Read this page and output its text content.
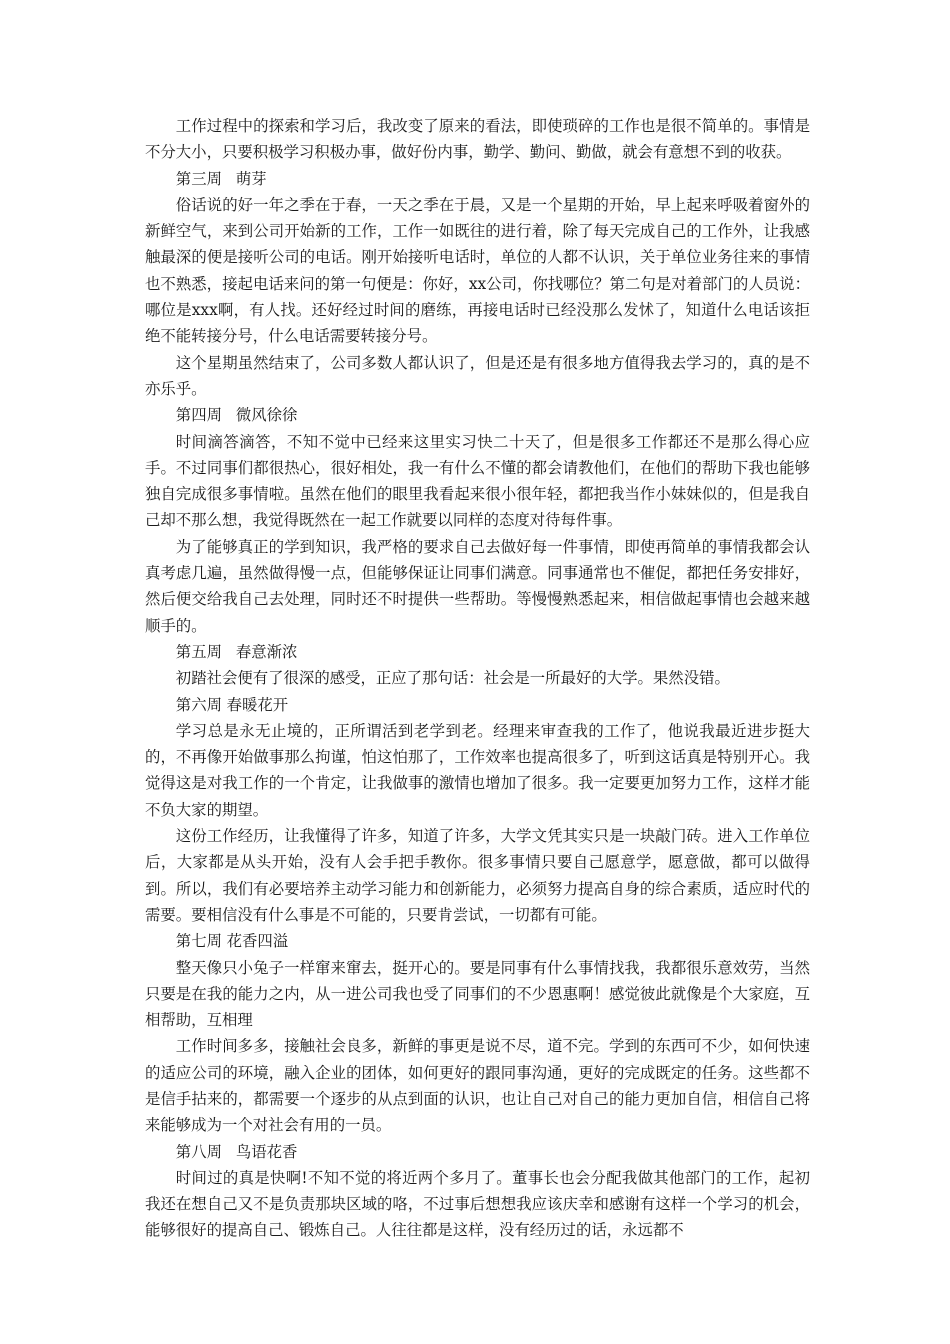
工作过程中的探索和学习后，我改变了原来的看法，即使琐碎的工作也是很不简单的。事情是不分大小，只要积极学习积极办事，做好份内事，勤学、勤问、勤做，就会有意想不到的收获。

第三周 萌芽

俗话说的好一年之季在于春，一天之季在于晨，又是一个星期的开始，早上起来呼吸着窗外的新鲜空气，来到公司开始新的工作，工作一如既往的进行着，除了每天完成自己的工作外，让我感触最深的便是接听公司的电话。刚开始接听电话时，单位的人都不认识，关于单位业务往来的事情也不熟悉，接起电话来问的第一句便是：你好，xx公司，你找哪位？第二句是对着部门的人员说： 哪位是xxx啊，有人找。还好经过时间的磨练，再接电话时已经没那么发怵了，知道什么电话该拒绝不能转接分号，什么电话需要转接分号。

这个星期虽然结束了，公司多数人都认识了，但是还是有很多地方值得我去学习的，真的是不亦乐乎。

第四周 微风徐徐

时间滴答滴答，不知不觉中已经来这里实习快二十天了，但是很多工作都还不是那么得心应手。不过同事们都很热心，很好相处，我一有什么不懂的都会请教他们，在他们的帮助下我也能够独自完成很多事情啦。虽然在他们的眼里我看起来很小很年轻，都把我当作小妹妹似的，但是我自己却不那么想，我觉得既然在一起工作就要以同样的态度对待每件事。

为了能够真正的学到知识，我严格的要求自己去做好每一件事情，即使再简单的事情我都会认真考虑几遍，虽然做得慢一点，但能够保证让同事们满意。同事通常也不催促，都把任务安排好，然后便交给我自己去处理，同时还不时提供一些帮助。等慢慢熟悉起来，相信做起事情也会越来越顺手的。

第五周 春意渐浓

初踏社会便有了很深的感受，正应了那句话：社会是一所最好的大学。果然没错。

第六周 春暖花开

学习总是永无止境的，正所谓活到老学到老。经理来审查我的工作了，他说我最近进步挺大的，不再像开始做事那么拘谨，怕这怕那了，工作效率也提高很多了，听到这话真是特别开心。我觉得这是对我工作的一个肯定，让我做事的激情也增加了很多。我一定要更加努力工作，这样才能不负大家的期望。

这份工作经历，让我懂得了许多，知道了许多，大学文凭其实只是一块敲门砖。进入工作单位后，大家都是从头开始，没有人会手把手教你。很多事情只要自己愿意学，愿意做，都可以做得到。所以，我们有必要培养主动学习能力和创新能力，必须努力提高自身的综合素质，适应时代的需要。要相信没有什么事是不可能的，只要肯尝试，一切都有可能。

第七周 花香四溢

整天像只小兔子一样窜来窜去，挺开心的。要是同事有什么事情找我，我都很乐意效劳，当然只要是在我的能力之内，从一进公司我也受了同事们的不少恩惠啊！感觉彼此就像是个大家庭，互相帮助，互相理

工作时间多多，接触社会良多，新鲜的事更是说不尽，道不完。学到的东西可不少，如何快速的适应公司的环境，融入企业的团体，如何更好的跟同事沟通，更好的完成既定的任务。这些都不是信手拈来的，都需要一个逐步的从点到面的认识，也让自己对自己的能力更加自信，相信自己将来能够成为一个对社会有用的一员。

第八周 鸟语花香

时间过的真是快啊!不知不觉的将近两个多月了。董事长也会分配我做其他部门的工作，起初我还在想自己又不是负责那块区域的咯，不过事后想想我应该庆幸和感谢有这样一个学习的机会，能够很好的提高自己、锻炼自己。人往往都是这样，没有经历过的话，永远都不
